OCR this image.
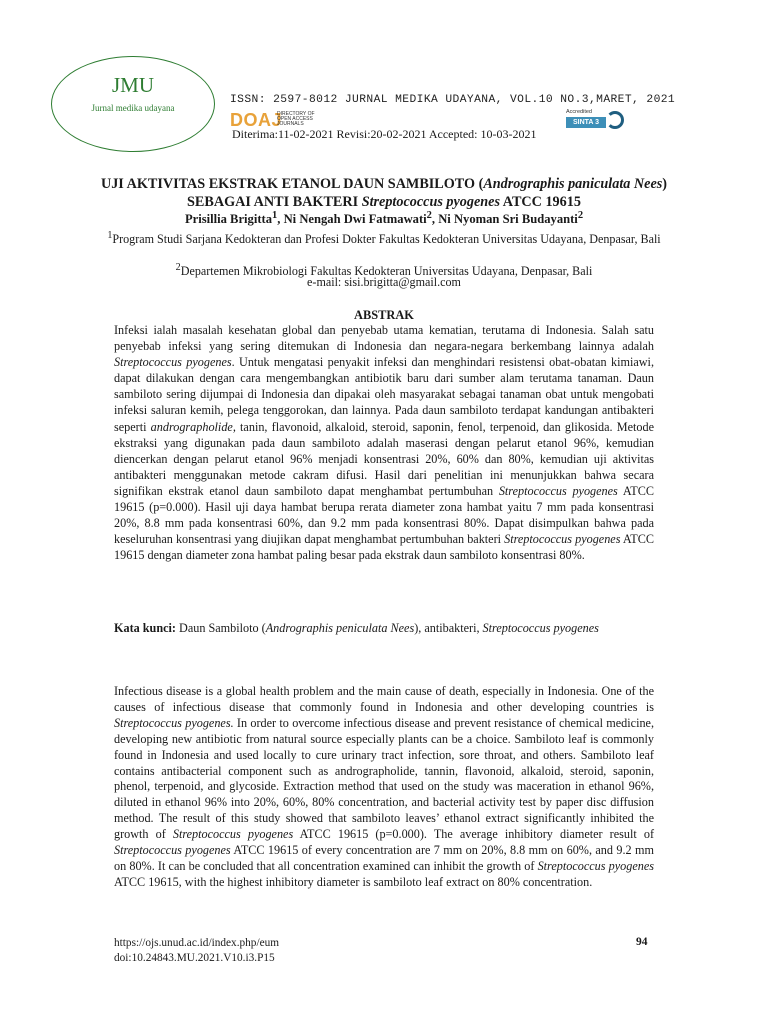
JMU
Jurnal medika udayana
ISSN: 2597-8012 JURNAL MEDIKA UDAYANA, VOL.10 NO.3,MARET, 2021
DOAJ
DIRECTORY OF
OPEN ACCESS
JOURNALS
Accredited
SINTA 3
Diterima:11-02-2021 Revisi:20-02-2021 Accepted: 10-03-2021
UJI AKTIVITAS EKSTRAK ETANOL DAUN SAMBILOTO (Andrographis paniculata Nees) SEBAGAI ANTI BAKTERI Streptococcus pyogenes ATCC 19615
Prisillia Brigitta$^1$, Ni Nengah Dwi Fatmawati$^2$, Ni Nyoman Sri Budayanti$^2$
$^1$Program Studi Sarjana Kedokteran dan Profesi Dokter Fakultas Kedokteran Universitas Udayana, Denpasar, Bali
$^2$Departemen Mikrobiologi Fakultas Kedokteran Universitas Udayana, Denpasar, Bali
e-mail: sisi.brigitta@gmail.com
ABSTRAK

Infeksi ialah masalah kesehatan global dan penyebab utama kematian, terutama di Indonesia. Salah satu penyebab infeksi yang sering ditemukan di Indonesia dan negara-negara berkembang lainnya adalah Streptococcus pyogenes. Untuk mengatasi penyakit infeksi dan menghindari resistensi obat-obatan kimiawi, dapat dilakukan dengan cara mengembangkan antibiotik baru dari sumber alam terutama tanaman. Daun sambiloto sering dijumpai di Indonesia dan dipakai oleh masyarakat sebagai tanaman obat untuk mengobati infeksi saluran kemih, pelega tenggorokan, dan lainnya. Pada daun sambiloto terdapat kandungan antibakteri seperti andrographolide, tanin, flavonoid, alkaloid, steroid, saponin, fenol, terpenoid, dan glikosida. Metode ekstraksi yang digunakan pada daun sambiloto adalah maserasi dengan pelarut etanol 96%, kemudian diencerkan dengan pelarut etanol 96% menjadi konsentrasi 20%, 60% dan 80%, kemudian uji aktivitas antibakteri menggunakan metode cakram difusi. Hasil dari penelitian ini menunjukkan bahwa secara signifikan ekstrak etanol daun sambiloto dapat menghambat pertumbuhan Streptococcus pyogenes ATCC 19615 (p=0.000). Hasil uji daya hambat berupa rerata diameter zona hambat yaitu 7 mm pada konsentrasi 20%, 8.8 mm pada konsentrasi 60%, dan 9.2 mm pada konsentrasi 80%. Dapat disimpulkan bahwa pada keseluruhan konsentrasi yang diujikan dapat menghambat pertumbuhan bakteri Streptococcus pyogenes ATCC 19615 dengan diameter zona hambat paling besar pada ekstrak daun sambiloto konsentrasi 80%.

Kata kunci: Daun Sambiloto (Andrographis peniculata Nees), antibakteri, Streptococcus pyogenes

Infectious disease is a global health problem and the main cause of death, especially in Indonesia. One of the causes of infectious disease that commonly found in Indonesia and other developing countries is Streptococcus pyogenes. In order to overcome infectious disease and prevent resistance of chemical medicine, developing new antibiotic from natural source especially plants can be a choice. Sambiloto leaf is commonly found in Indonesia and used locally to cure urinary tract infection, sore throat, and others. Sambiloto leaf contains antibacterial component such as andrographolide, tannin, flavonoid, alkaloid, steroid, saponin, phenol, terpenoid, and glycoside. Extraction method that used on the study was maceration in ethanol 96%, diluted in ethanol 96% into 20%, 60%, 80% concentration, and bacterial activity test by paper disc diffusion method. The result of this study showed that sambiloto leaves’ ethanol extract significantly inhibited the growth of Streptococcus pyogenes ATCC 19615 (p=0.000). The average inhibitory diameter result of Streptococcus pyogenes ATCC 19615 of every concentration are 7 mm on 20%, 8.8 mm on 60%, and 9.2 mm on 80%. It can be concluded that all concentration examined can inhibit the growth of Streptococcus pyogenes ATCC 19615, with the highest inhibitory diameter is sambiloto leaf extract on 80% concentration.

https://ojs.unud.ac.id/index.php/eum
doi:10.24843.MU.2021.V10.i3.P15
94
